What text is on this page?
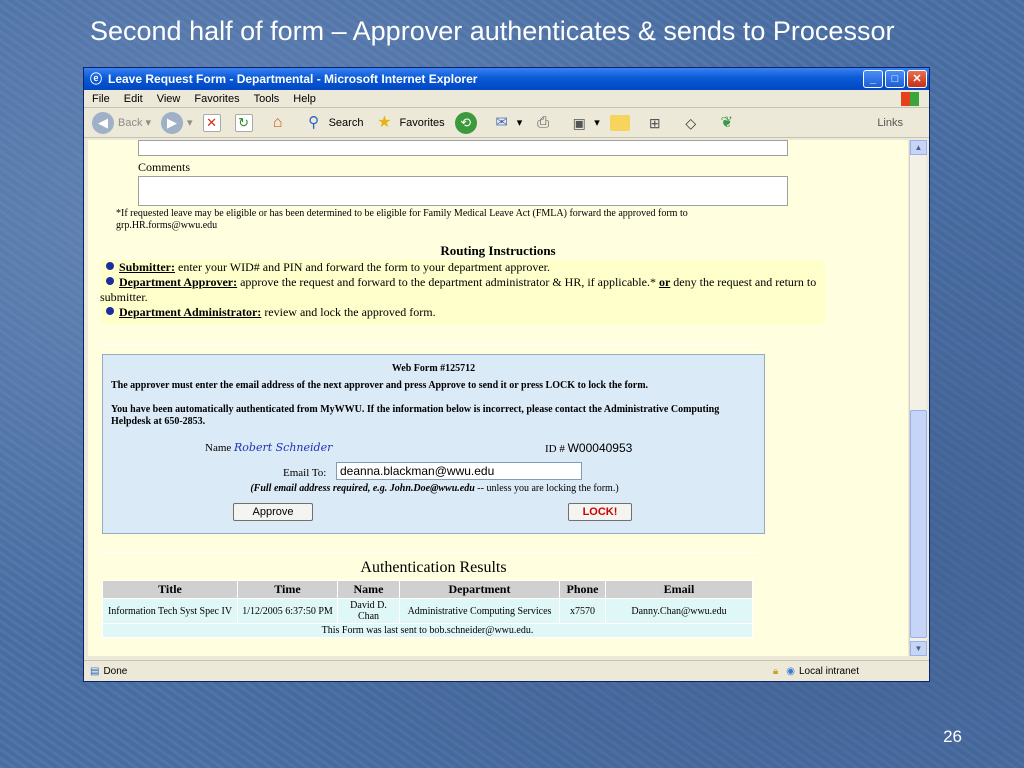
Second half of form – Approver authenticates & sends to Processor
ⓔ Leave Request Form - Departmental - Microsoft Internet Explorer	_	□	✕
File Edit View Favorites Tools Help
◀ Back ▾	▶ ▾ ✕ ↻	⌂	⚲ Search ★ Favorites	⟲	✉ ▾ ⎙	▣ ▾	⊞	◇	❦	Links
Comments
*If requested leave may be eligible or has been determined to be eligible for Family Medical Leave Act (FMLA) forward the approved form to grp.HR.forms@wwu.edu
Routing Instructions
Submitter: enter your WID# and PIN and forward the form to your department approver.
Department Approver: approve the request and forward to the department administrator & HR, if applicable.* or deny the request and return to submitter.
Department Administrator: review and lock the approved form.
Web Form #125712

The approver must enter the email address of the next approver and press Approve to send it or press LOCK to lock the form.

You have been automatically authenticated from MyWWU. If the information below is incorrect, please contact the Administrative Computing Helpdesk at 650-2853.

Name Robert Schneider	ID # W00040953
Email To:	deanna.blackman@wwu.edu
(Full email address required, e.g. John.Doe@wwu.edu -- unless you are locking the form.)
Approve	LOCK!
Authentication Results
Title	Time	Name	Department	Phone	Email
Information Tech Syst Spec IV	1/12/2005 6:37:50 PM	David D. Chan	Administrative Computing Services	x7570	Danny.Chan@wwu.edu
This Form was last sent to bob.schneider@wwu.edu.					
▲
▼
▤ Done	🔒︎ ◉ Local intranet
26
